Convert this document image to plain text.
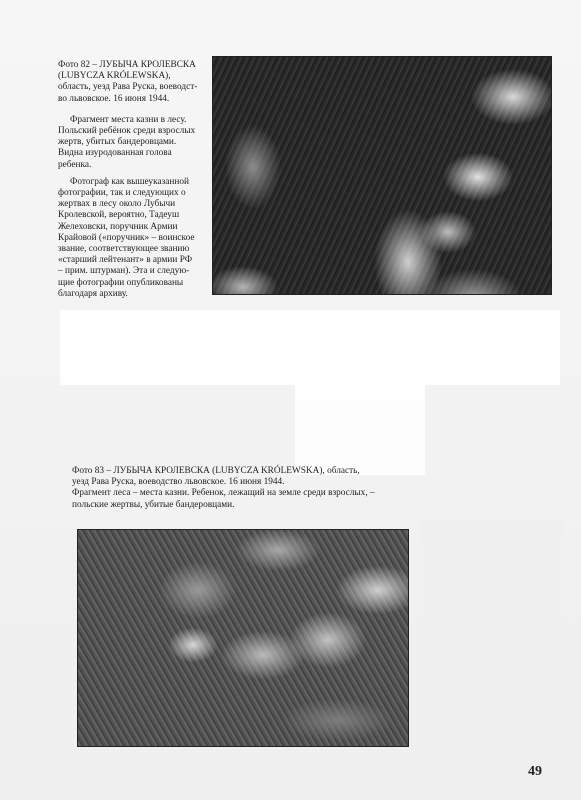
Фото 82 – ЛУБЫЧА КРОЛЕВСКА

(LUBYCZA KRÓLEWSKA),

область, уезд Рава Руска, воеводст-

во львовское. 16 июня 1944.

Фрагмент места казни в лесу.

Польский ребёнок среди взрослых

жертв, убитых бандеровцами.

Видна изуродованная голова

ребенка.

Фотограф как вышеуказанной

фотографии, так и следующих о

жертвах в лесу около Лубычи

Кролевской, вероятно, Тадеуш

Желеховски, поручник Армии

Крайовой («поручник» – воинское

звание, соответствующее званию

«старший лейтенант» в армии РФ

– прим. штурман). Эта и следую-

щие фотографии опубликованы

благодаря архиву.

Фото 83 – ЛУБЫЧА КРОЛЕВСКА (LUBYCZA KRÓLEWSKA), область,

уезд Рава Руска, воеводство львовское. 16 июня 1944.

Фрагмент леса – места казни. Ребенок, лежащий на земле среди взрослых, –

польские жертвы, убитые бандеровцами.

49
